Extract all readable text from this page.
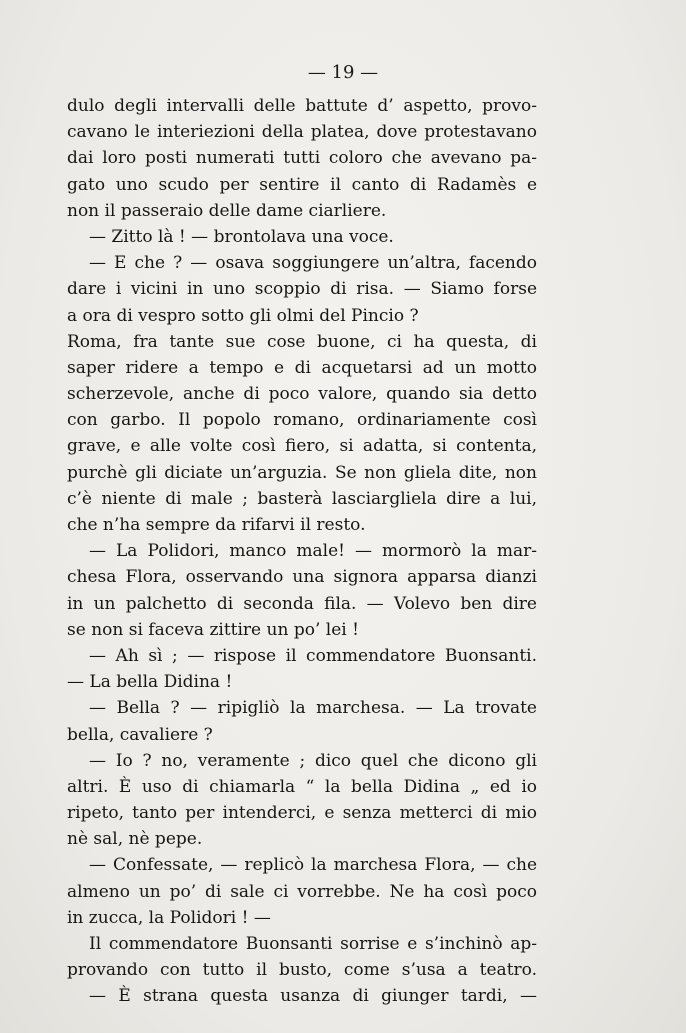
— 19 —
dulo degli intervalli delle battute d’ aspetto, provo-
cavano le interiezioni della platea, dove protestavano
dai loro posti numerati tutti coloro che avevano pa-
gato uno scudo per sentire il canto di Radamès e
non il passeraio delle dame ciarliere.
— Zitto là ! — brontolava una voce.
— E che ? — osava soggiungere un’altra, facendo
dare i vicini in uno scoppio di risa. — Siamo forse
a ora di vespro sotto gli olmi del Pincio ?
Roma, fra tante sue cose buone, ci ha questa, di
saper ridere a tempo e di acquetarsi ad un motto
scherzevole, anche di poco valore, quando sia detto
con garbo. Il popolo romano, ordinariamente così
grave, e alle volte così fiero, si adatta, si contenta,
purchè gli diciate un’arguzia. Se non gliela dite, non
c’è niente di male ; basterà lasciargliela dire a lui,
che n’ha sempre da rifarvi il resto.
— La Polidori, manco male! — mormorò la mar-
chesa Flora, osservando una signora apparsa dianzi
in un palchetto di seconda fila. — Volevo ben dire
se non si faceva zittire un po’ lei !
— Ah sì ; — rispose il commendatore Buonsanti.
— La bella Didina !
— Bella ? — ripigliò la marchesa. — La trovate
bella, cavaliere ?
— Io ? no, veramente ; dico quel che dicono gli
altri. È uso di chiamarla “ la bella Didina „ ed io
ripeto, tanto per intenderci, e senza metterci di mio
nè sal, nè pepe.
— Confessate, — replicò la marchesa Flora, — che
almeno un po’ di sale ci vorrebbe. Ne ha così poco
in zucca, la Polidori ! —
Il commendatore Buonsanti sorrise e s’inchinò ap-
provando con tutto il busto, come s’usa a teatro.
— È strana questa usanza di giunger tardi, —
